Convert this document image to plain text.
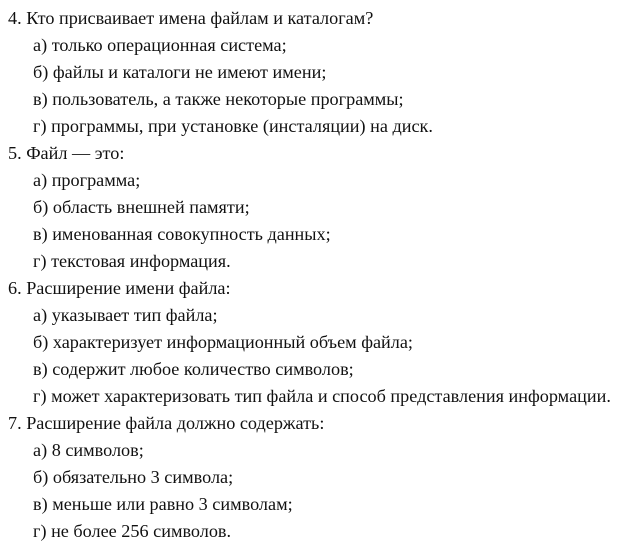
4. Кто присваивает имена файлам и каталогам?
а) только операционная система;
б) файлы и каталоги не имеют имени;
в) пользователь, а также некоторые программы;
г) программы, при установке (инсталяции) на диск.
5. Файл — это:
а) программа;
б) область внешней памяти;
в) именованная совокупность данных;
г) текстовая информация.
6. Расширение имени файла:
а) указывает тип файла;
б) характеризует информационный объем файла;
в) содержит любое количество символов;
г) может характеризовать тип файла и способ представления информации.
7. Расширение файла должно содержать:
а) 8 символов;
б) обязательно 3 символа;
в) меньше или равно 3 символам;
г) не более 256 символов.
